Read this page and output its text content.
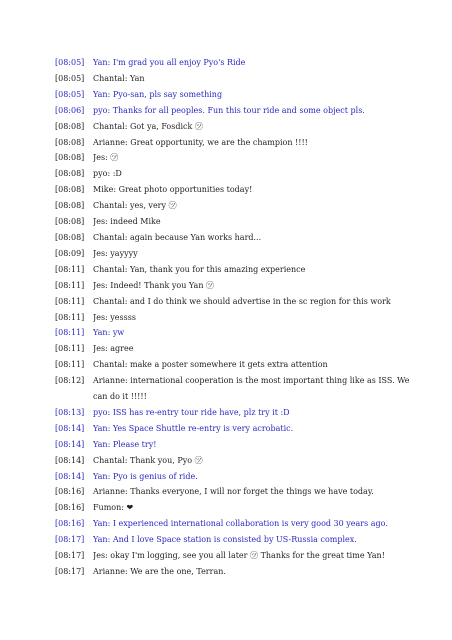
[08:05]	Yan: I'm grad you all enjoy Pyo's Ride
[08:05]	Chantal: Yan
[08:05]	Yan: Pyo-san, pls say something
[08:06]	pyo: Thanks for all peoples. Fun this tour ride and some object pls.
[08:08]	Chantal: Got ya, Fosdick ㋡
[08:08]	Arianne: Great opportunity, we are the champion !!!!
[08:08]	Jes: ㋡
[08:08]	pyo: :D
[08:08]	Mike: Great photo opportunities today!
[08:08]	Chantal: yes, very ㋡
[08:08]	Jes: indeed Mike
[08:08]	Chantal: again because Yan works hard...
[08:09]	Jes: yayyyy
[08:11]	Chantal: Yan, thank you for this amazing experience
[08:11]	Jes: Indeed! Thank you Yan ㋡
[08:11]	Chantal: and I do think we should advertise in the sc region for this work
[08:11]	Jes: yessss
[08:11]	Yan: yw
[08:11]	Jes: agree
[08:11]	Chantal: make a poster somewhere it gets extra attention
[08:12]	Arianne: international cooperation is the most important thing like as ISS. We can do it !!!!!
[08:13]	pyo: ISS has re-entry tour ride have, plz try it :D
[08:14]	Yan: Yes Space Shuttle re-entry is very acrobatic.
[08:14]	Yan: Please try!
[08:14]	Chantal: Thank you, Pyo ㋡
[08:14]	Yan: Pyo is genius of ride.
[08:16]	Arianne: Thanks everyone, I will nor forget the things we have today.
[08:16]	Fumon: ❤
[08:16]	Yan: I experienced international collaboration is very good 30 years ago.
[08:17]	Yan: And I love Space station is consisted by US-Russia complex.
[08:17]	Jes: okay I'm logging, see you all later ㋡ Thanks for the great time Yan!
[08:17]	Arianne: We are the one, Terran.
